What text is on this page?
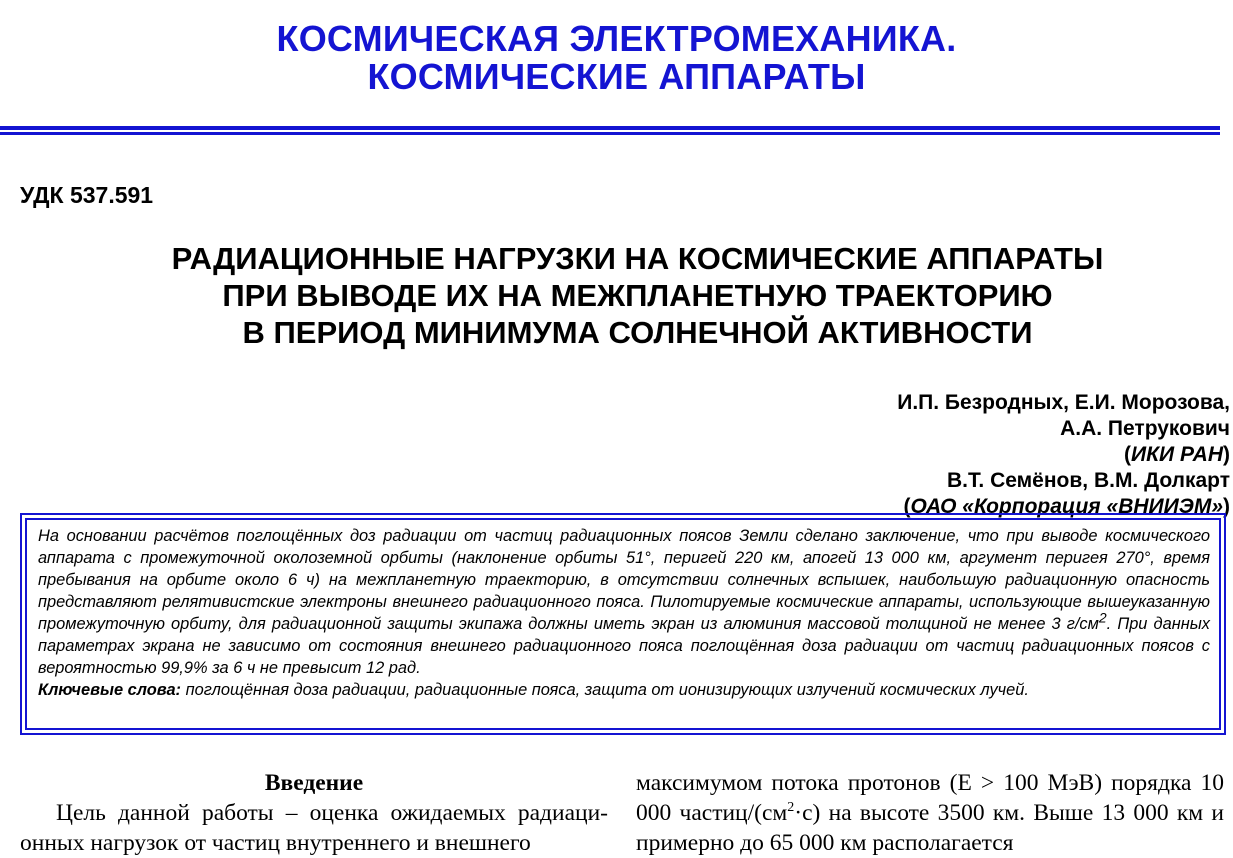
КОСМИЧЕСКАЯ ЭЛЕКТРОМЕХАНИКА.
КОСМИЧЕСКИЕ АППАРАТЫ
УДК 537.591
РАДИАЦИОННЫЕ НАГРУЗКИ НА КОСМИЧЕСКИЕ АППАРАТЫ
ПРИ ВЫВОДЕ ИХ НА МЕЖПЛАНЕТНУЮ ТРАЕКТОРИЮ
В ПЕРИОД МИНИМУМА СОЛНЕЧНОЙ АКТИВНОСТИ
И.П. Безродных, Е.И. Морозова,
А.А. Петрукович
(ИКИ РАН)
В.Т. Семёнов, В.М. Долкарт
(ОАО «Корпорация «ВНИИЭМ»)

На основании расчётов поглощённых доз радиации от частиц радиационных поясов Земли сделано заключение, что при выводе космического аппарата с промежуточной околоземной орбиты (наклонение орбиты 51°, перигей 220 км, апогей 13 000 км, аргумент перигея 270°, время пребывания на орбите около 6 ч) на межпланетную траекторию, в отсутствии солнечных вспышек, наибольшую радиационную опасность представляют релятивистские электроны внешнего радиационного пояса. Пилотируемые космические аппараты, использующие вышеуказанную промежуточную орбиту, для радиационной защиты экипажа должны иметь экран из алюминия массовой толщиной не менее 3 $г/см^2$. При данных параметрах экрана не зависимо от состояния внешнего радиационного пояса поглощённая доза радиации от частиц радиационных поясов с вероятностью 99,9% за 6 ч не превысит 12 рад.

Ключевые слова: поглощённая доза радиации, радиационные пояса, защита от ионизирующих излучений космических лучей.

Введение

Цель данной работы – оценка ожидаемых радиаци- онных нагрузок от частиц внутреннего и внешнего

максимумом потока протонов (E > 100 МэВ) порядка 10 000 частиц/$(см^2\cdot с)$ на высоте 3500 км. Выше 13 000 км и примерно до 65 000 км располагается
